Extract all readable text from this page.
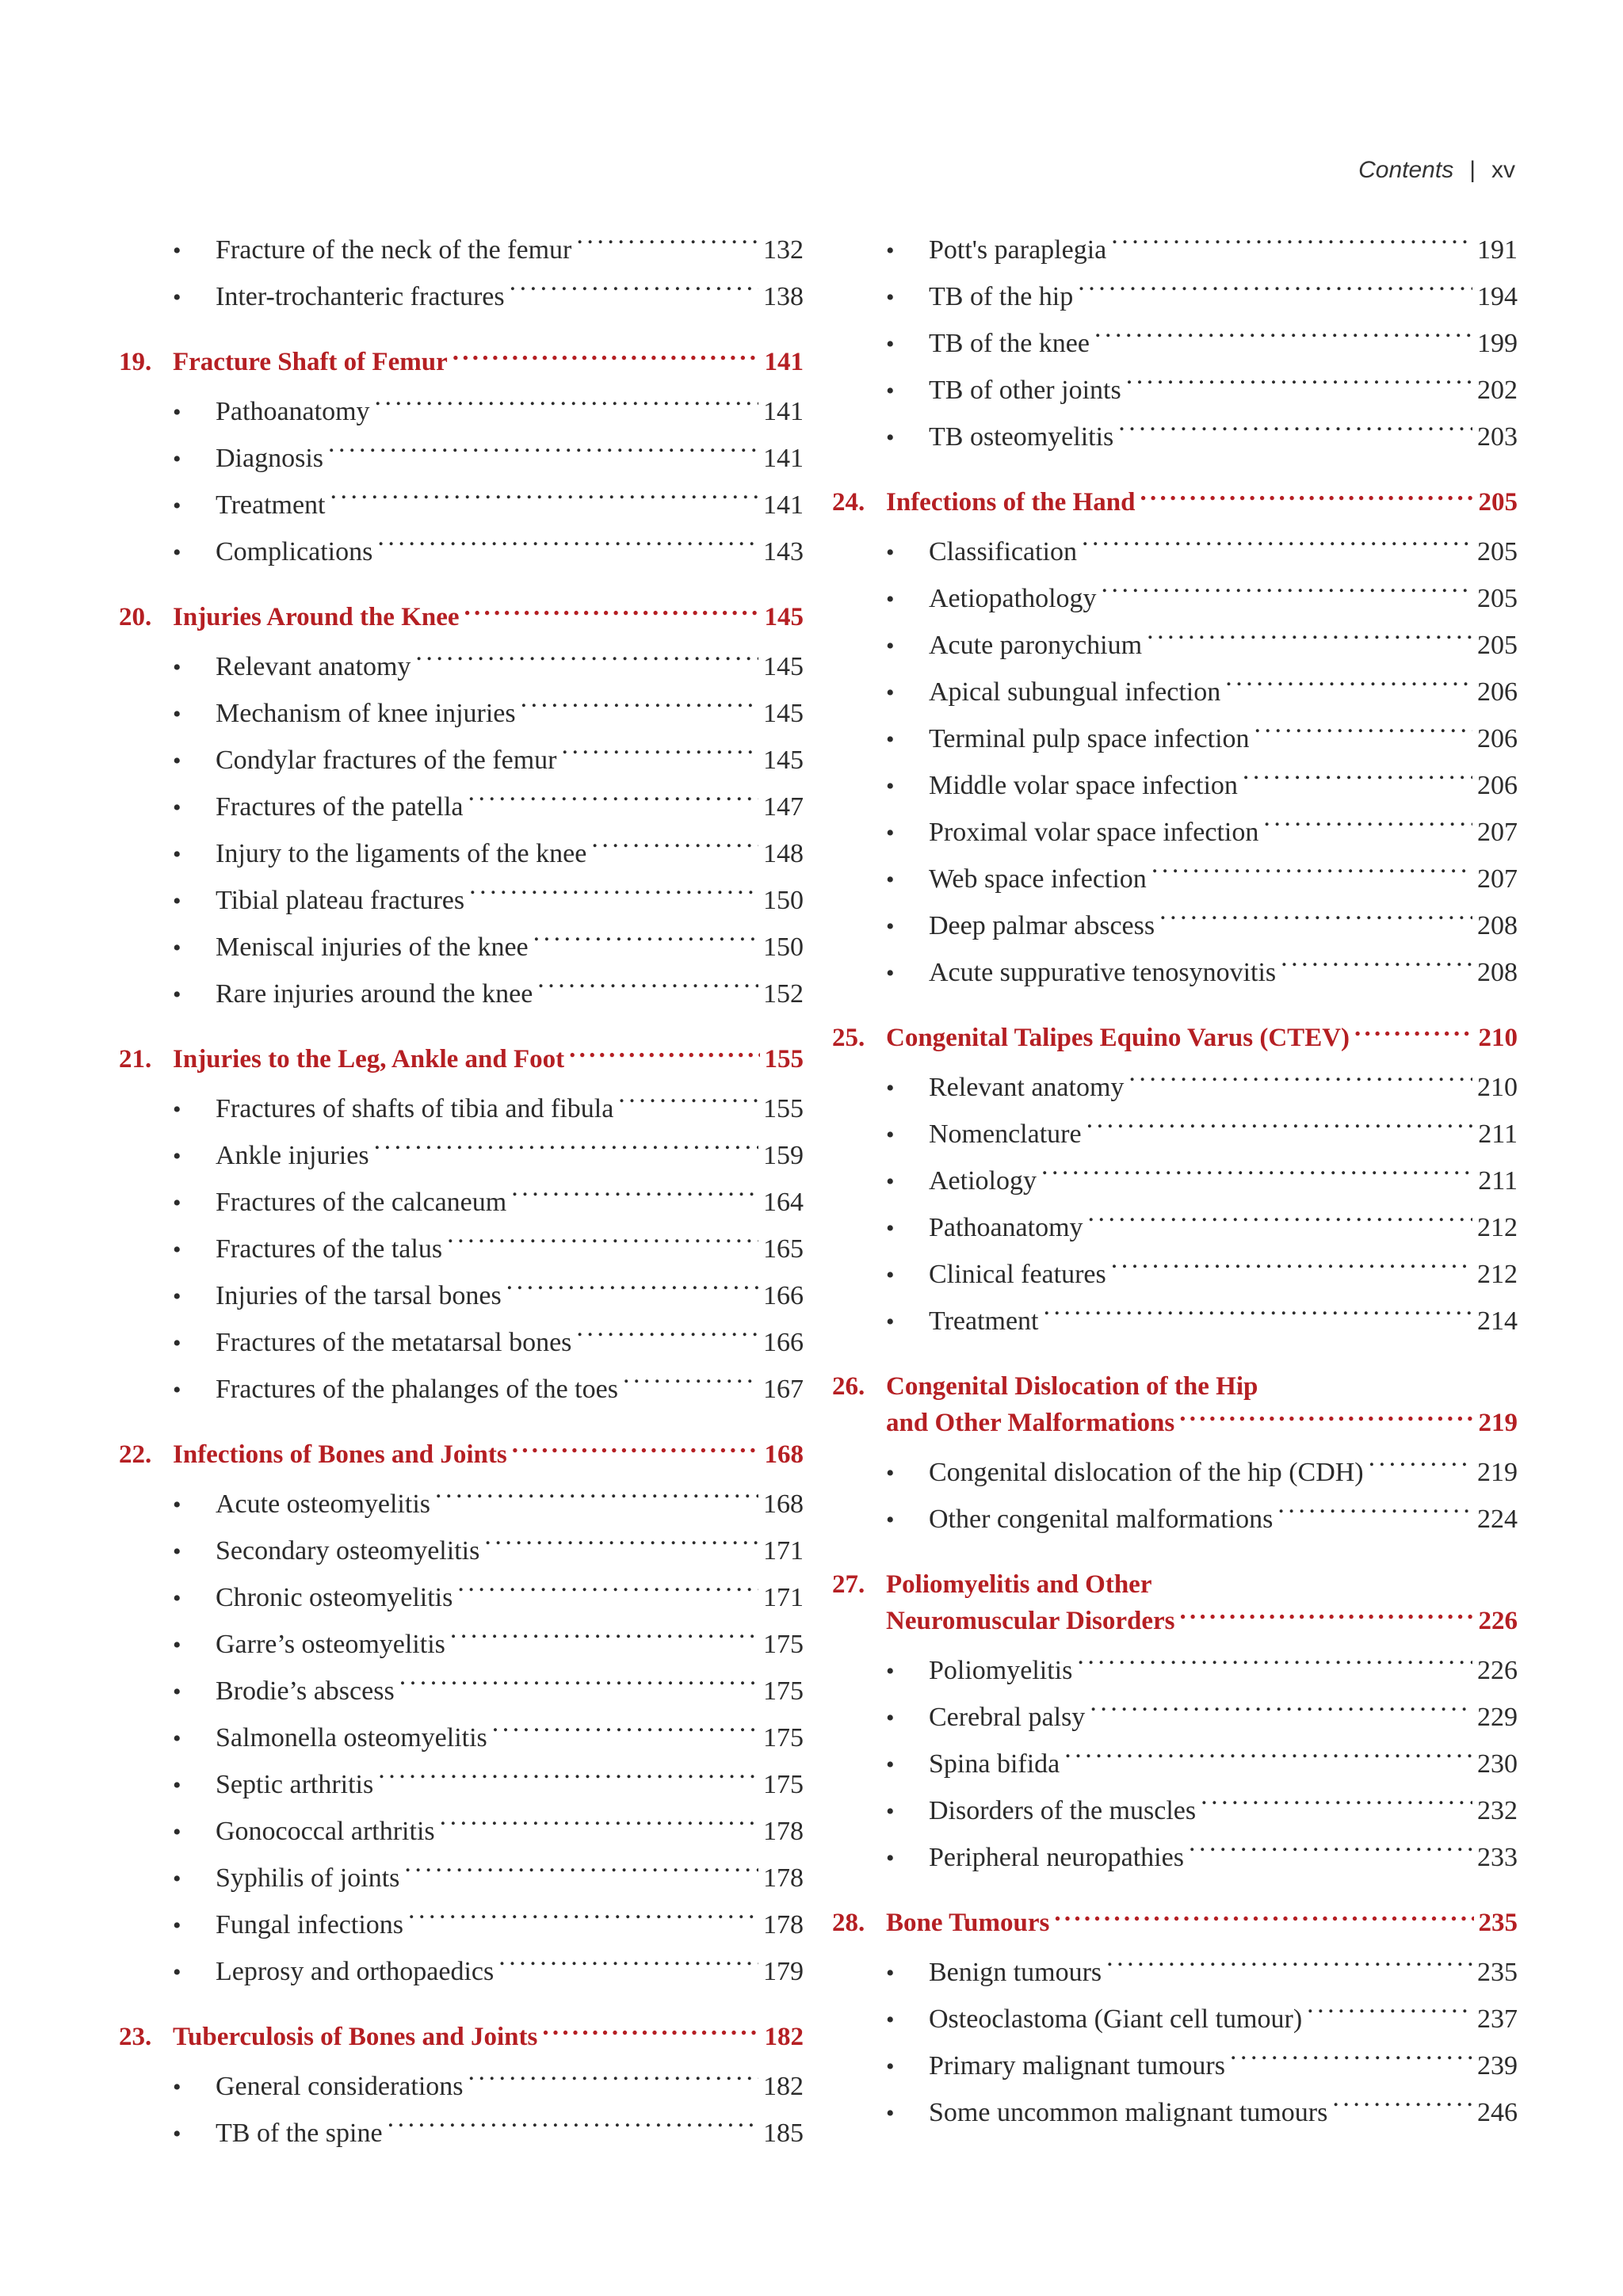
Contents | xv
•	Fracture of the neck of the femur . . .	132
•	Inter-trochanteric fractures . . .	138
19. Fracture Shaft of Femur . . .	141
•	Pathoanatomy . . .	141
•	Diagnosis . . .	141
•	Treatment . . .	141
•	Complications . . .	143
20. Injuries Around the Knee . . .	145
•	Relevant anatomy . . .	145
•	Mechanism of knee injuries . . .	145
•	Condylar fractures of the femur . . .	145
•	Fractures of the patella . . .	147
•	Injury to the ligaments of the knee . . .	148
•	Tibial plateau fractures . . .	150
•	Meniscal injuries of the knee . . .	150
•	Rare injuries around the knee . . .	152
21. Injuries to the Leg, Ankle and Foot . . .	155
•	Fractures of shafts of tibia and fibula . . .	155
•	Ankle injuries . . .	159
•	Fractures of the calcaneum . . .	164
•	Fractures of the talus . . .	165
•	Injuries of the tarsal bones . . .	166
•	Fractures of the metatarsal bones . . .	166
•	Fractures of the phalanges of the toes . . .	167
22. Infections of Bones and Joints . . .	168
•	Acute osteomyelitis . . .	168
•	Secondary osteomyelitis . . .	171
•	Chronic osteomyelitis . . .	171
•	Garre’s osteomyelitis . . .	175
•	Brodie’s abscess . . .	175
•	Salmonella osteomyelitis . . .	175
•	Septic arthritis . . .	175
•	Gonococcal arthritis . . .	178
•	Syphilis of joints . . .	178
•	Fungal infections . . .	178
•	Leprosy and orthopaedics . . .	179
23. Tuberculosis of Bones and Joints . . .	182
•	General considerations . . .	182
•	TB of the spine . . .	185
•	Pott's paraplegia . . .	191
•	TB of the hip . . .	194
•	TB of the knee . . .	199
•	TB of other joints . . .	202
•	TB osteomyelitis . . .	203
24. Infections of the Hand . . .	205
•	Classification . . .	205
•	Aetiopathology . . .	205
•	Acute paronychium . . .	205
•	Apical subungual infection . . .	206
•	Terminal pulp space infection . . .	206
•	Middle volar space infection . . .	206
•	Proximal volar space infection . . .	207
•	Web space infection . . .	207
•	Deep palmar abscess . . .	208
•	Acute suppurative tenosynovitis . . .	208
25. Congenital Talipes Equino Varus (CTEV) . . .	210
•	Relevant anatomy . . .	210
•	Nomenclature . . .	211
•	Aetiology . . .	211
•	Pathoanatomy . . .	212
•	Clinical features . . .	212
•	Treatment . . .	214
26. Congenital Dislocation of the Hip
and Other Malformations . . .	219
•	Congenital dislocation of the hip (CDH) . . .	219
•	Other congenital malformations . . .	224
27. Poliomyelitis and Other
Neuromuscular Disorders . . .	226
•	Poliomyelitis . . .	226
•	Cerebral palsy . . .	229
•	Spina bifida . . .	230
•	Disorders of the muscles . . .	232
•	Peripheral neuropathies . . .	233
28. Bone Tumours . . .	235
•	Benign tumours . . .	235
•	Osteoclastoma (Giant cell tumour) . . .	237
•	Primary malignant tumours . . .	239
•	Some uncommon malignant tumours . . .	246
